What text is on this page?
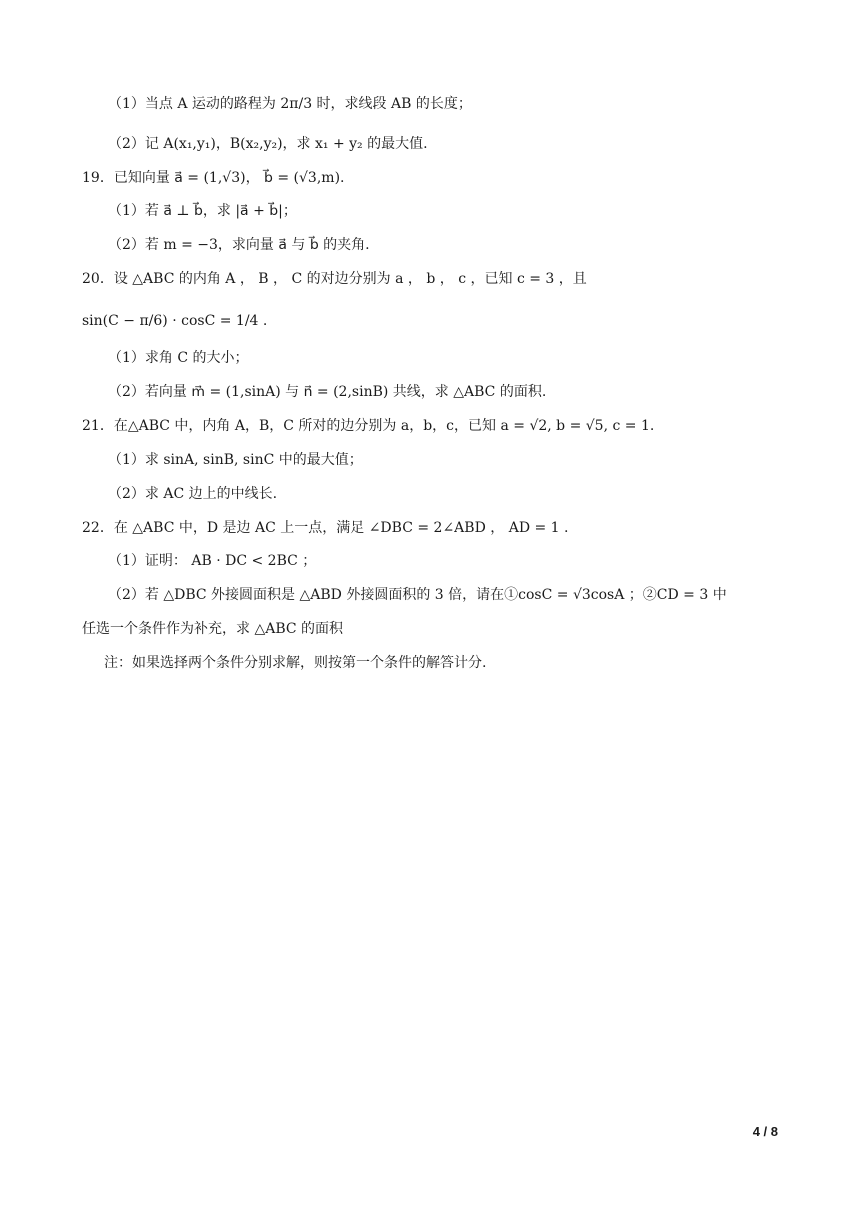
（1）当点 A 运动的路程为 2π/3 时，求线段 AB 的长度；
（2）记 A(x₁,y₁)，B(x₂,y₂)，求 x₁ + y₂ 的最大值.
19．已知向量 a⃗ = (1,√3)， b⃗ = (√3,m).
（1）若 a⃗ ⊥ b⃗，求 |a⃗ + b⃗|；
（2）若 m = −3，求向量 a⃗ 与 b⃗ 的夹角.
20．设 △ABC 的内角 A ， B ， C 的对边分别为 a ， b ， c ，已知 c = 3 ，且
sin(C − π/6) · cosC = 1/4 .
（1）求角 C 的大小；
（2）若向量 m⃗ = (1,sinA) 与 n⃗ = (2,sinB) 共线，求 △ABC 的面积.
21．在△ABC 中，内角 A，B，C 所对的边分别为 a，b，c，已知 a = √2, b = √5, c = 1.
（1）求 sinA, sinB, sinC 中的最大值；
（2）求 AC 边上的中线长.
22．在 △ABC 中，D 是边 AC 上一点，满足 ∠DBC = 2∠ABD ， AD = 1 .
（1）证明： AB · DC < 2BC ；
（2）若 △DBC 外接圆面积是 △ABD 外接圆面积的 3 倍，请在①cosC = √3cosA ；②CD = 3 中
任选一个条件作为补充，求 △ABC 的面积
注：如果选择两个条件分别求解，则按第一个条件的解答计分.
4 / 8
